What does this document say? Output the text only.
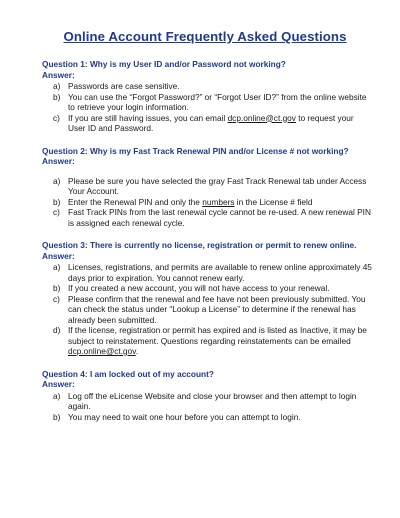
Online Account Frequently Asked Questions

Question 1: Why is my User ID and/or Password not working?

Answer:

a) Passwords are case sensitive.
b) You can use the “Forgot Password?” or “Forgot User ID?” from the online website to retrieve your login information.
c) If you are still having issues, you can email dcp.online@ct.gov to request your User ID and Password.

Question 2: Why is my Fast Track Renewal PIN and/or License # not working?

Answer:

a) Please be sure you have selected the gray Fast Track Renewal tab under Access Your Account.
b) Enter the Renewal PIN and only the numbers in the License # field
c) Fast Track PINs from the last renewal cycle cannot be re-used. A new renewal PIN is assigned each renewal cycle.

Question 3: There is currently no license, registration or permit to renew online.

Answer:

a) Licenses, registrations, and permits are available to renew online approximately 45 days prior to expiration. You cannot renew early.
b) If you created a new account, you will not have access to your renewal.
c) Please confirm that the renewal and fee have not been previously submitted. You can check the status under “Lookup a License” to determine if the renewal has already been submitted.
d) If the license, registration or permit has expired and is listed as Inactive, it may be subject to reinstatement. Questions regarding reinstatements can be emailed dcp.online@ct.gov.

Question 4: I am locked out of my account?

Answer:

a) Log off the eLicense Website and close your browser and then attempt to login again.
b) You may need to wait one hour before you can attempt to login.
